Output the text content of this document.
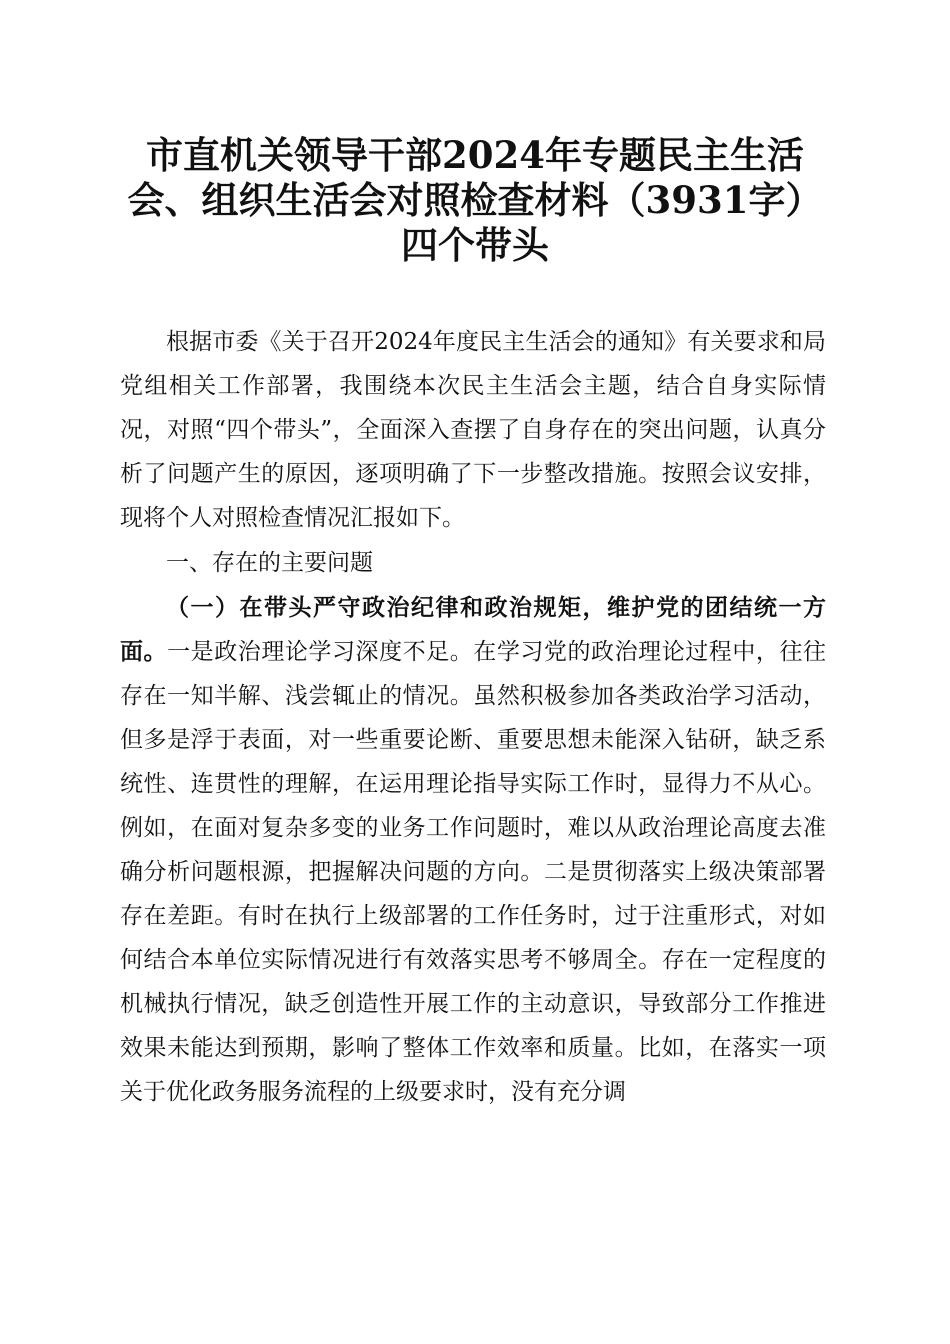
市直机关领导干部2024年专题民主生活会、组织生活会对照检查材料（3931字）四个带头

根据市委《关于召开2024年度民主生活会的通知》有关要求和局党组相关工作部署，我围绕本次民主生活会主题，结合自身实际情况，对照“四个带头”，全面深入查摆了自身存在的突出问题，认真分析了问题产生的原因，逐项明确了下一步整改措施。按照会议安排，现将个人对照检查情况汇报如下。

一、存在的主要问题

（一）在带头严守政治纪律和政治规矩，维护党的团结统一方面。一是政治理论学习深度不足。在学习党的政治理论过程中，往往存在一知半解、浅尝辄止的情况。虽然积极参加各类政治学习活动，但多是浮于表面，对一些重要论断、重要思想未能深入钻研，缺乏系统性、连贯性的理解，在运用理论指导实际工作时，显得力不从心。例如，在面对复杂多变的业务工作问题时，难以从政治理论高度去准确分析问题根源，把握解决问题的方向。二是贯彻落实上级决策部署存在差距。有时在执行上级部署的工作任务时，过于注重形式，对如何结合本单位实际情况进行有效落实思考不够周全。存在一定程度的机械执行情况，缺乏创造性开展工作的主动意识，导致部分工作推进效果未能达到预期，影响了整体工作效率和质量。比如，在落实一项关于优化政务服务流程的上级要求时，没有充分调
